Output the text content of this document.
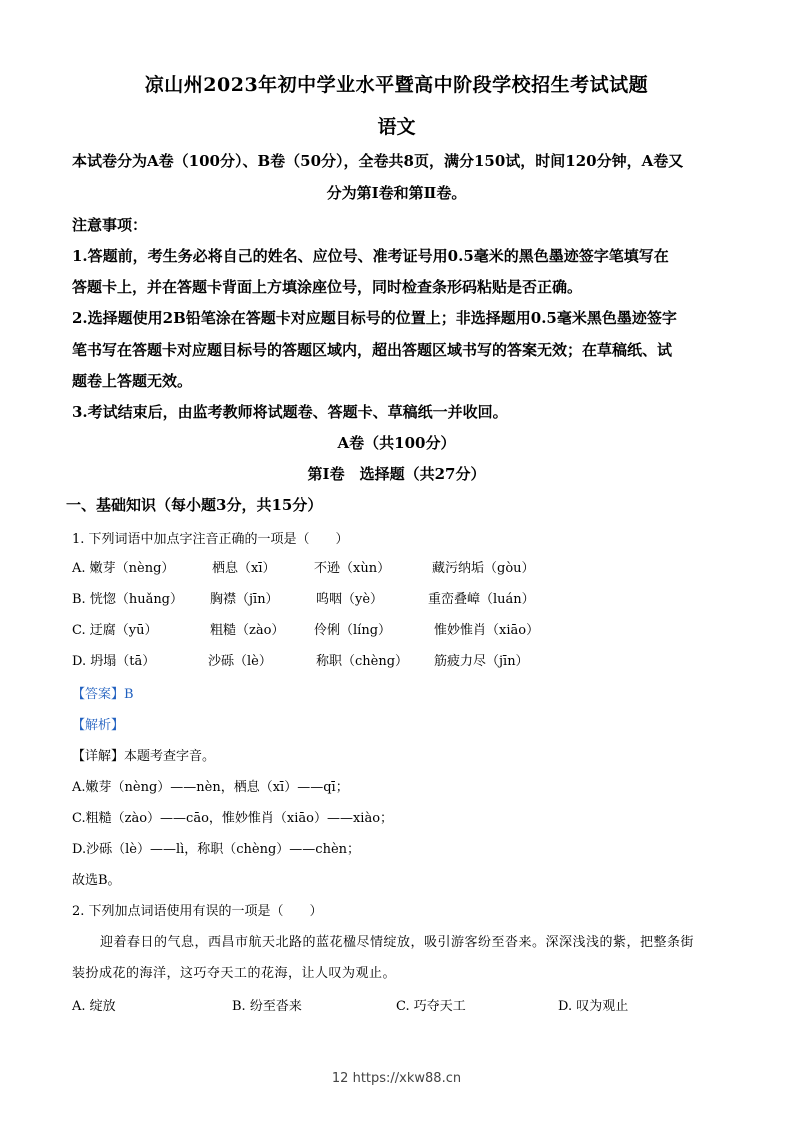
凉山州2023年初中学业水平暨高中阶段学校招生考试试题
语文
本试卷分为A卷（100分）、B卷（50分），全卷共8页，满分150试，时间120分钟，A卷又
分为第Ⅰ卷和第Ⅱ卷。
注意事项：
1.答题前，考生务必将自己的姓名、应位号、准考证号用0.5毫米的黑色墨迹签字笔填写在
答题卡上，并在答题卡背面上方填涂座位号，同时检查条形码粘贴是否正确。
2.选择题使用2B铅笔涂在答题卡对应题目标号的位置上；非选择题用0.5毫米黑色墨迹签字
笔书写在答题卡对应题目标号的答题区域内，超出答题区域书写的答案无效；在草稿纸、试
题卷上答题无效。
3.考试结束后，由监考教师将试题卷、答题卡、草稿纸一并收回。
A卷（共100分）
第Ⅰ卷　选择题（共27分）
一、基础知识（每小题3分，共15分）
1. 下列词语中加点字注音正确的一项是（　　）
A. 嫩芽（nèng）	栖息（xī）	不逊（xùn）	藏污纳垢（gòu）
B. 恍惚（huǎng） 胸襟（jīn）	呜咽（yè）	重峦叠嶂（luán）
C. 迂腐（yū）	粗糙（zào） 伶俐（líng）	惟妙惟肖（xiāo）
D. 坍塌（tā）	沙砾（lè）	称职（chèng） 筋疲力尽（jīn）
【答案】B
【解析】
【详解】本题考查字音。
A.嫩芽（nèng）——nèn，栖息（xī）——qī；
C.粗糙（zào）——cāo，惟妙惟肖（xiāo）——xiào；
D.沙砾（lè）——lì，称职（chèng）——chèn；
故选B。
2. 下列加点词语使用有误的一项是（　　）
迎着春日的气息，西昌市航天北路的蓝花楹尽情绽放，吸引游客纷至沓来。深深浅浅的紫，把整条街
装扮成花的海洋，这巧夺天工的花海，让人叹为观止。
A. 绽放	B. 纷至沓来	C. 巧夺天工	D. 叹为观止
12 https://xkw88.cn
